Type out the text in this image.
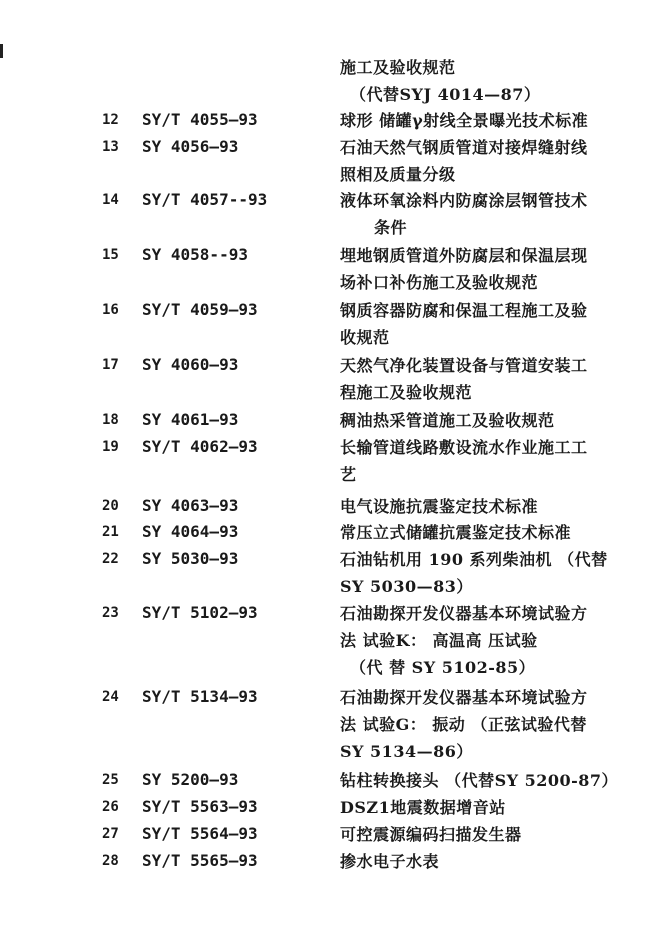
施工及验收规范
（代替SYJ 4014—87）
12	SY/T 4055—93	球形 储罐γ射线全景曝光技术标准
13	SY 4056—93	石油天然气钢质管道对接焊缝射线
照相及质量分级
14	SY/T 4057--93	液体环氧涂料内防腐涂层钢管技术
条件
15	SY 4058--93	埋地钢质管道外防腐层和保温层现
场补口补伤施工及验收规范
16	SY/T 4059—93	钢质容器防腐和保温工程施工及验
收规范
17	SY 4060—93	天然气净化装置设备与管道安装工
程施工及验收规范
18	SY 4061—93	稠油热采管道施工及验收规范
19	SY/T 4062—93	长输管道线路敷设流水作业施工工
艺
20	SY 4063—93	电气设施抗震鉴定技术标准
21	SY 4064—93	常压立式储罐抗震鉴定技术标准
22	SY 5030—93	石油钻机用 190 系列柴油机 （代替
SY 5030—83）
23	SY/T 5102—93	石油勘探开发仪器基本环境试验方
法 试验K： 高温高 压试验
（代 替 SY 5102-85）
24	SY/T 5134—93	石油勘探开发仪器基本环境试验方
法 试验G： 振动 （正弦试验代替
SY 5134—86）
25	SY 5200—93	钻柱转换接头 （代替SY 5200-87）
26	SY/T 5563—93	DSZ1地震数据增音站
27	SY/T 5564—93	可控震源编码扫描发生器
28	SY/T 5565—93	掺水电子水表
